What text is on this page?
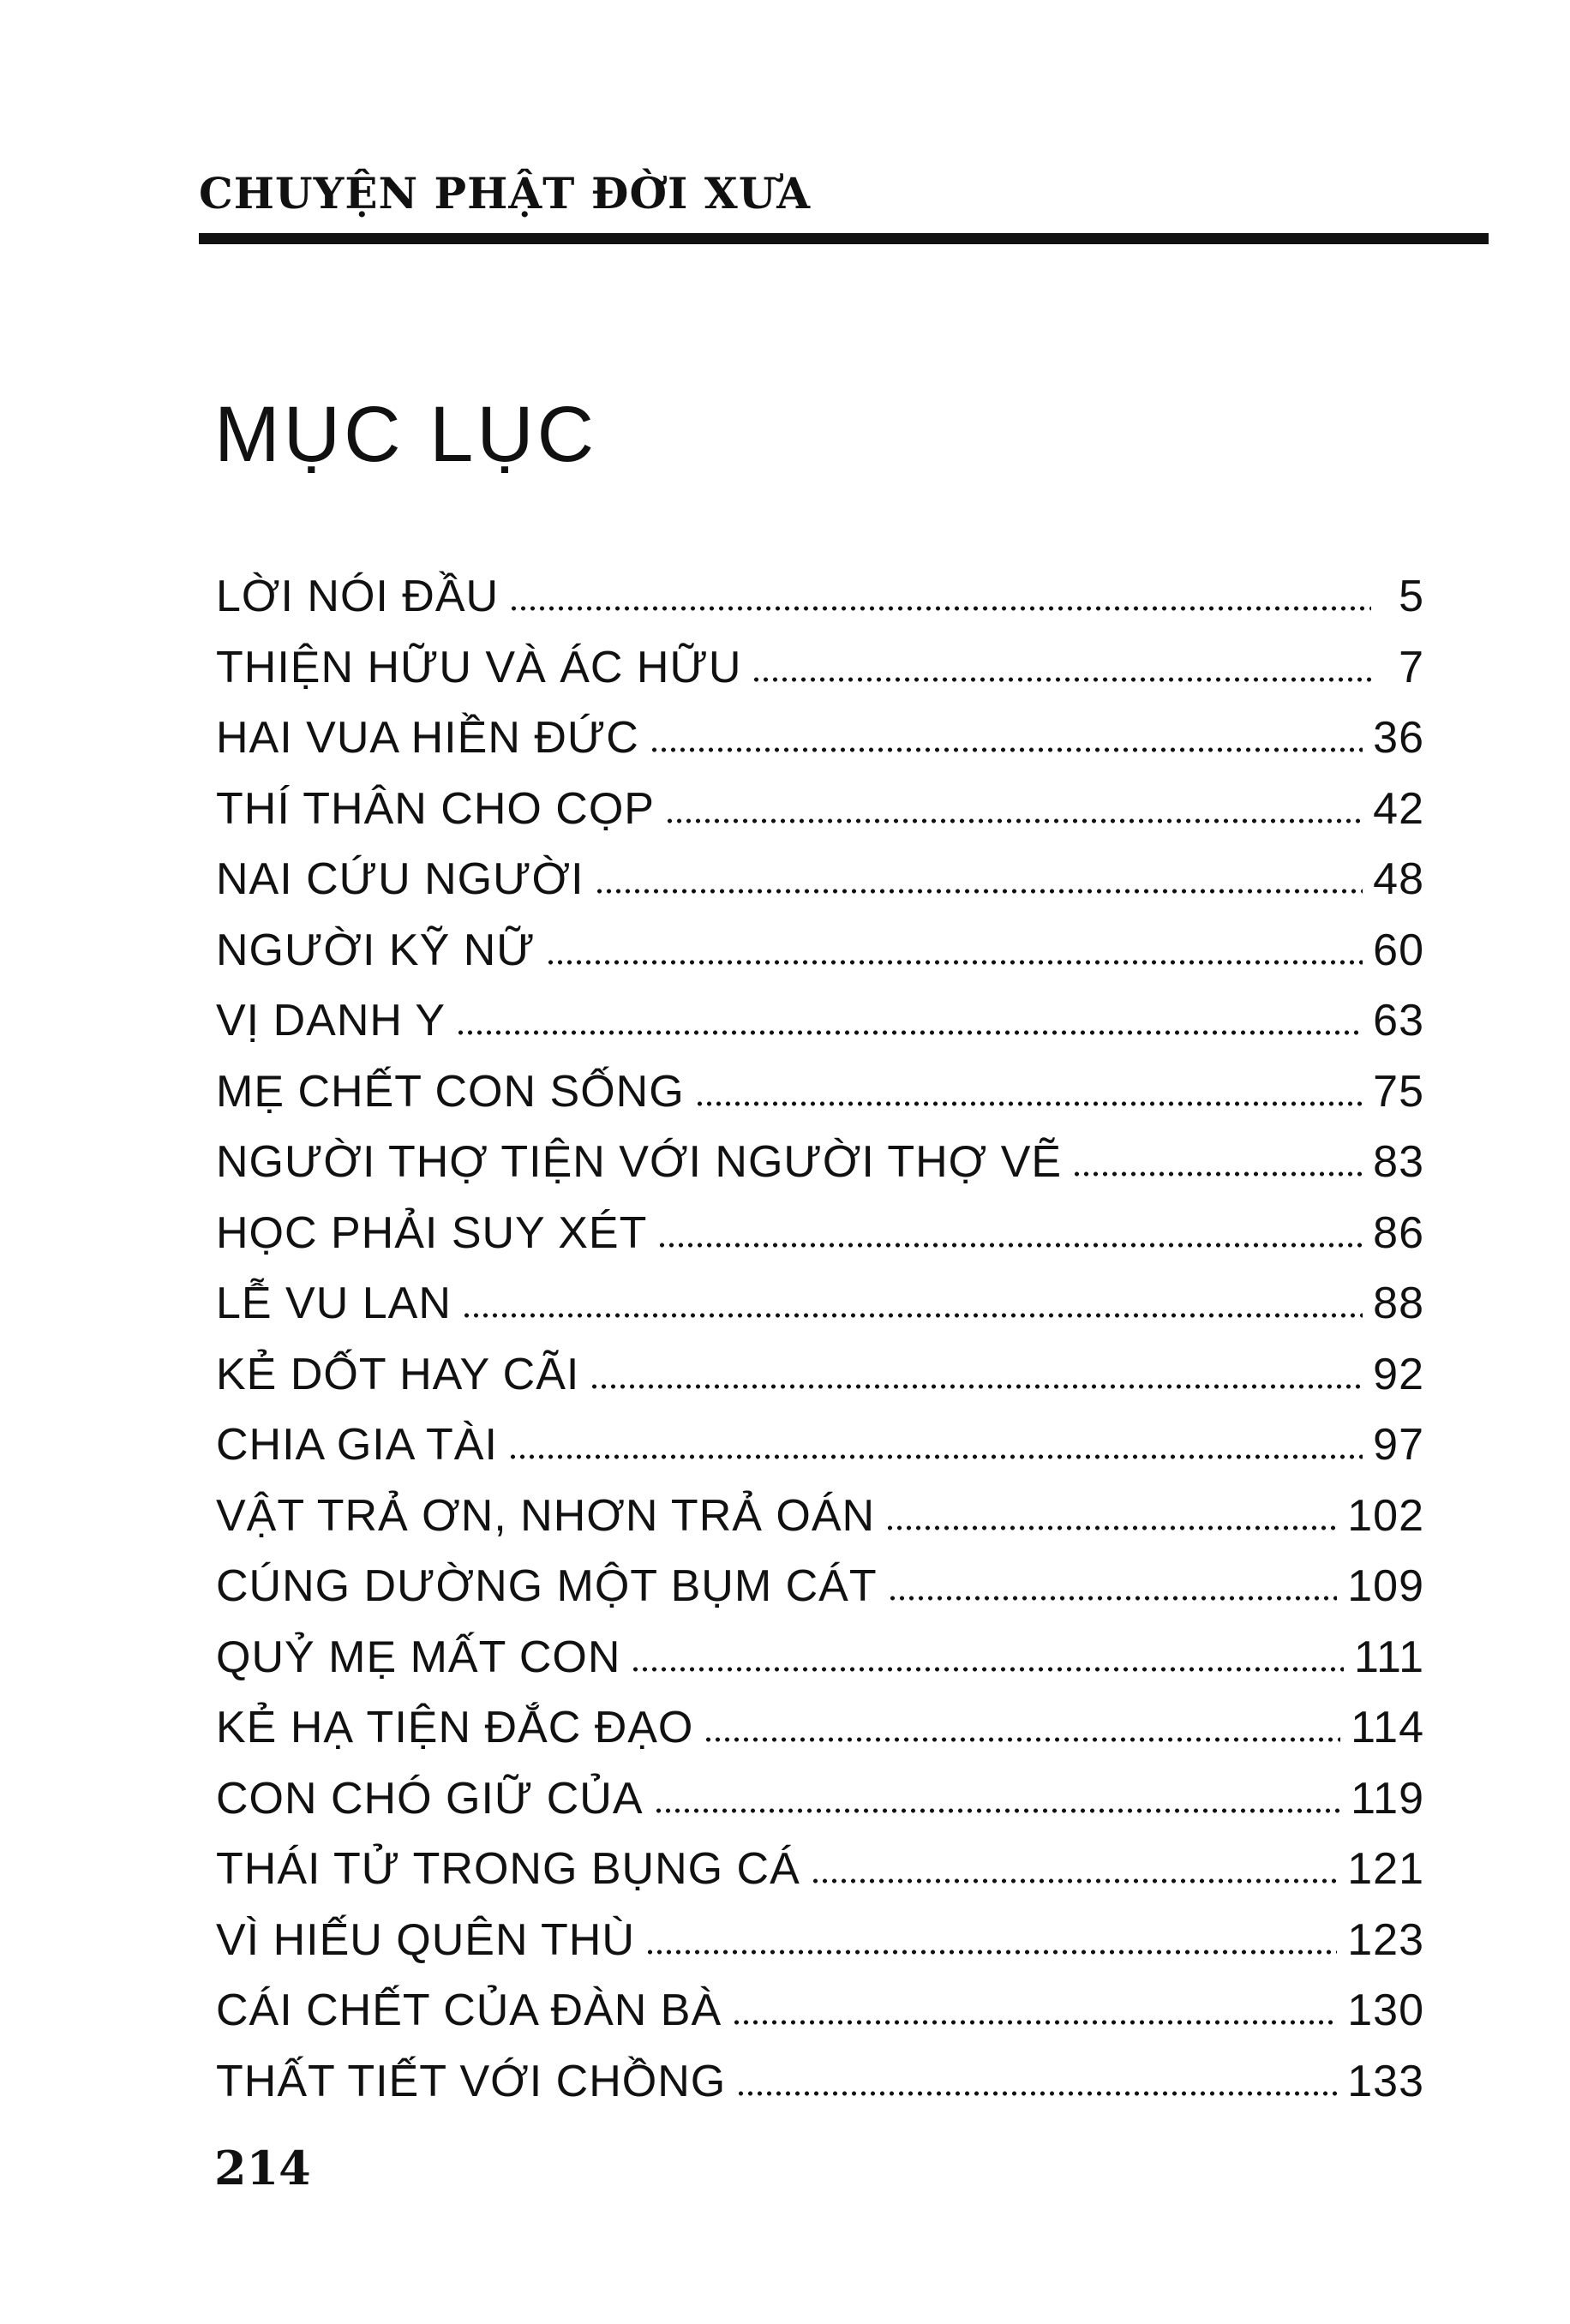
CHUYỆN PHẬT ĐỜI XƯA
MỤC LỤC
LỜI NÓI ĐẦU	5
THIỆN HỮU VÀ ÁC HỮU	7
HAI VUA HIỀN ĐỨC	36
THÍ THÂN CHO CỌP	42
NAI CỨU NGƯỜI	48
NGƯỜI KỸ NỮ	60
VỊ DANH Y	63
MẸ CHẾT CON SỐNG	75
NGƯỜI THỢ TIỆN VỚI NGƯỜI THỢ VẼ	83
HỌC PHẢI SUY XÉT	86
LỄ VU LAN	88
KẺ DỐT HAY CÃI	92
CHIA GIA TÀI	97
VẬT TRẢ ƠN, NHƠN TRẢ OÁN	102
CÚNG DƯỜNG MỘT BỤM CÁT	109
QUỶ MẸ MẤT CON	111
KẺ HẠ TIỆN ĐẮC ĐẠO	114
CON CHÓ GIỮ CỦA	119
THÁI TỬ TRONG BỤNG CÁ	121
VÌ HIẾU QUÊN THÙ	123
CÁI CHẾT CỦA ĐÀN BÀ	130
THẤT TIẾT VỚI CHỒNG	133
214
